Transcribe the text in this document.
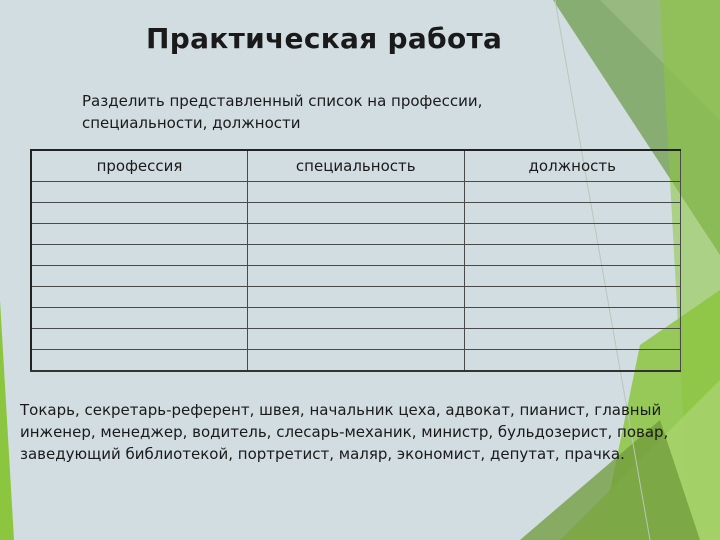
Практическая работа

Разделить представленный список на профессии, специальности, должности

профессия	специальность	должность

Токарь, секретарь-референт, швея, начальник цеха, адвокат, пианист, главный инженер, менеджер, водитель, слесарь-механик, министр, бульдозерист, повар, заведующий библиотекой, портретист, маляр, экономист, депутат, прачка.
